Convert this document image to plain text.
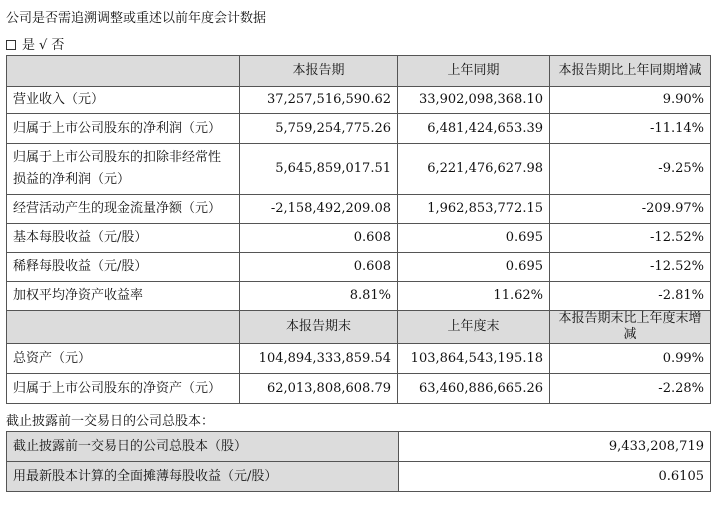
公司是否需追溯调整或重述以前年度会计数据
是 √ 否
	本报告期	上年同期	本报告期比上年同期增减
营业收入（元）	37,257,516,590.62	33,902,098,368.10	9.90%
归属于上市公司股东的净利润（元）	5,759,254,775.26	6,481,424,653.39	-11.14%
归属于上市公司股东的扣除非经常性损益的净利润（元）	5,645,859,017.51	6,221,476,627.98	-9.25%
经营活动产生的现金流量净额（元）	-2,158,492,209.08	1,962,853,772.15	-209.97%
基本每股收益（元/股）	0.608	0.695	-12.52%
稀释每股收益（元/股）	0.608	0.695	-12.52%
加权平均净资产收益率	8.81%	11.62%	-2.81%
	本报告期末	上年度末	本报告期末比上年度末增减
总资产（元）	104,894,333,859.54	103,864,543,195.18	0.99%
归属于上市公司股东的净资产（元）	62,013,808,608.79	63,460,886,665.26	-2.28%
截止披露前一交易日的公司总股本：
截止披露前一交易日的公司总股本（股）	9,433,208,719
用最新股本计算的全面摊薄每股收益（元/股）	0.6105
